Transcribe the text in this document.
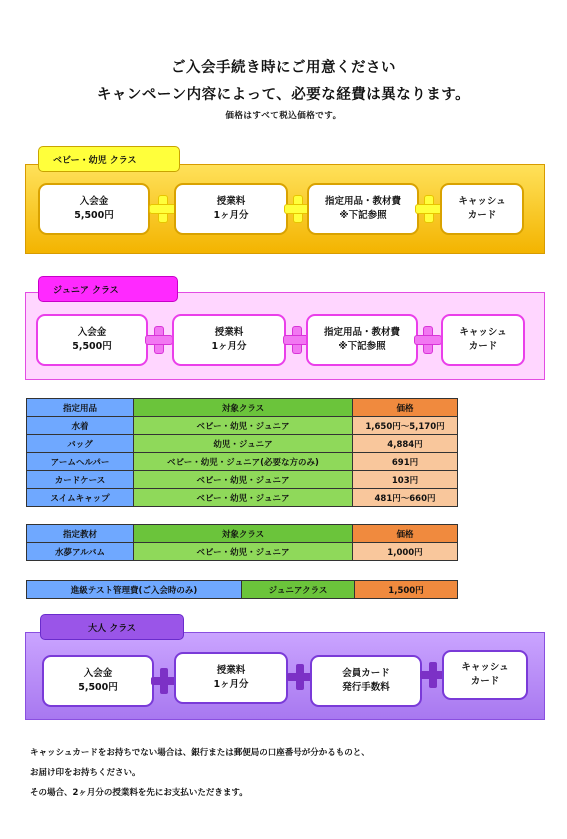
ご入会手続き時にご用意ください
キャンペーン内容によって、必要な経費は異なります。
価格はすべて税込価格です。
ベビー・幼児 クラス
入会金
5,500円
授業料
1ヶ月分
指定用品・教材費
※下記参照
キャッシュ
カード
ジュニア クラス
入会金
5,500円
授業料
1ヶ月分
指定用品・教材費
※下記参照
キャッシュ
カード
指定用品	対象クラス	価格
水着	ベビー・幼児・ジュニア	1,650円～5,170円
バッグ	幼児・ジュニア	4,884円
アームヘルパー	ベビー・幼児・ジュニア(必要な方のみ)	691円
カードケース	ベビー・幼児・ジュニア	103円
スイムキャップ	ベビー・幼児・ジュニア	481円～660円
指定教材	対象クラス	価格
水夢アルバム	ベビー・幼児・ジュニア	1,000円
進級テスト管理費(ご入会時のみ)	ジュニアクラス	1,500円
大人 クラス
入会金
5,500円
授業料
1ヶ月分
会員カード
発行手数料
キャッシュ
カード
キャッシュカードをお持ちでない場合は、銀行または郵便局の口座番号が分かるものと、
お届け印をお持ちください。
その場合、2ヶ月分の授業料を先にお支払いただきます。
